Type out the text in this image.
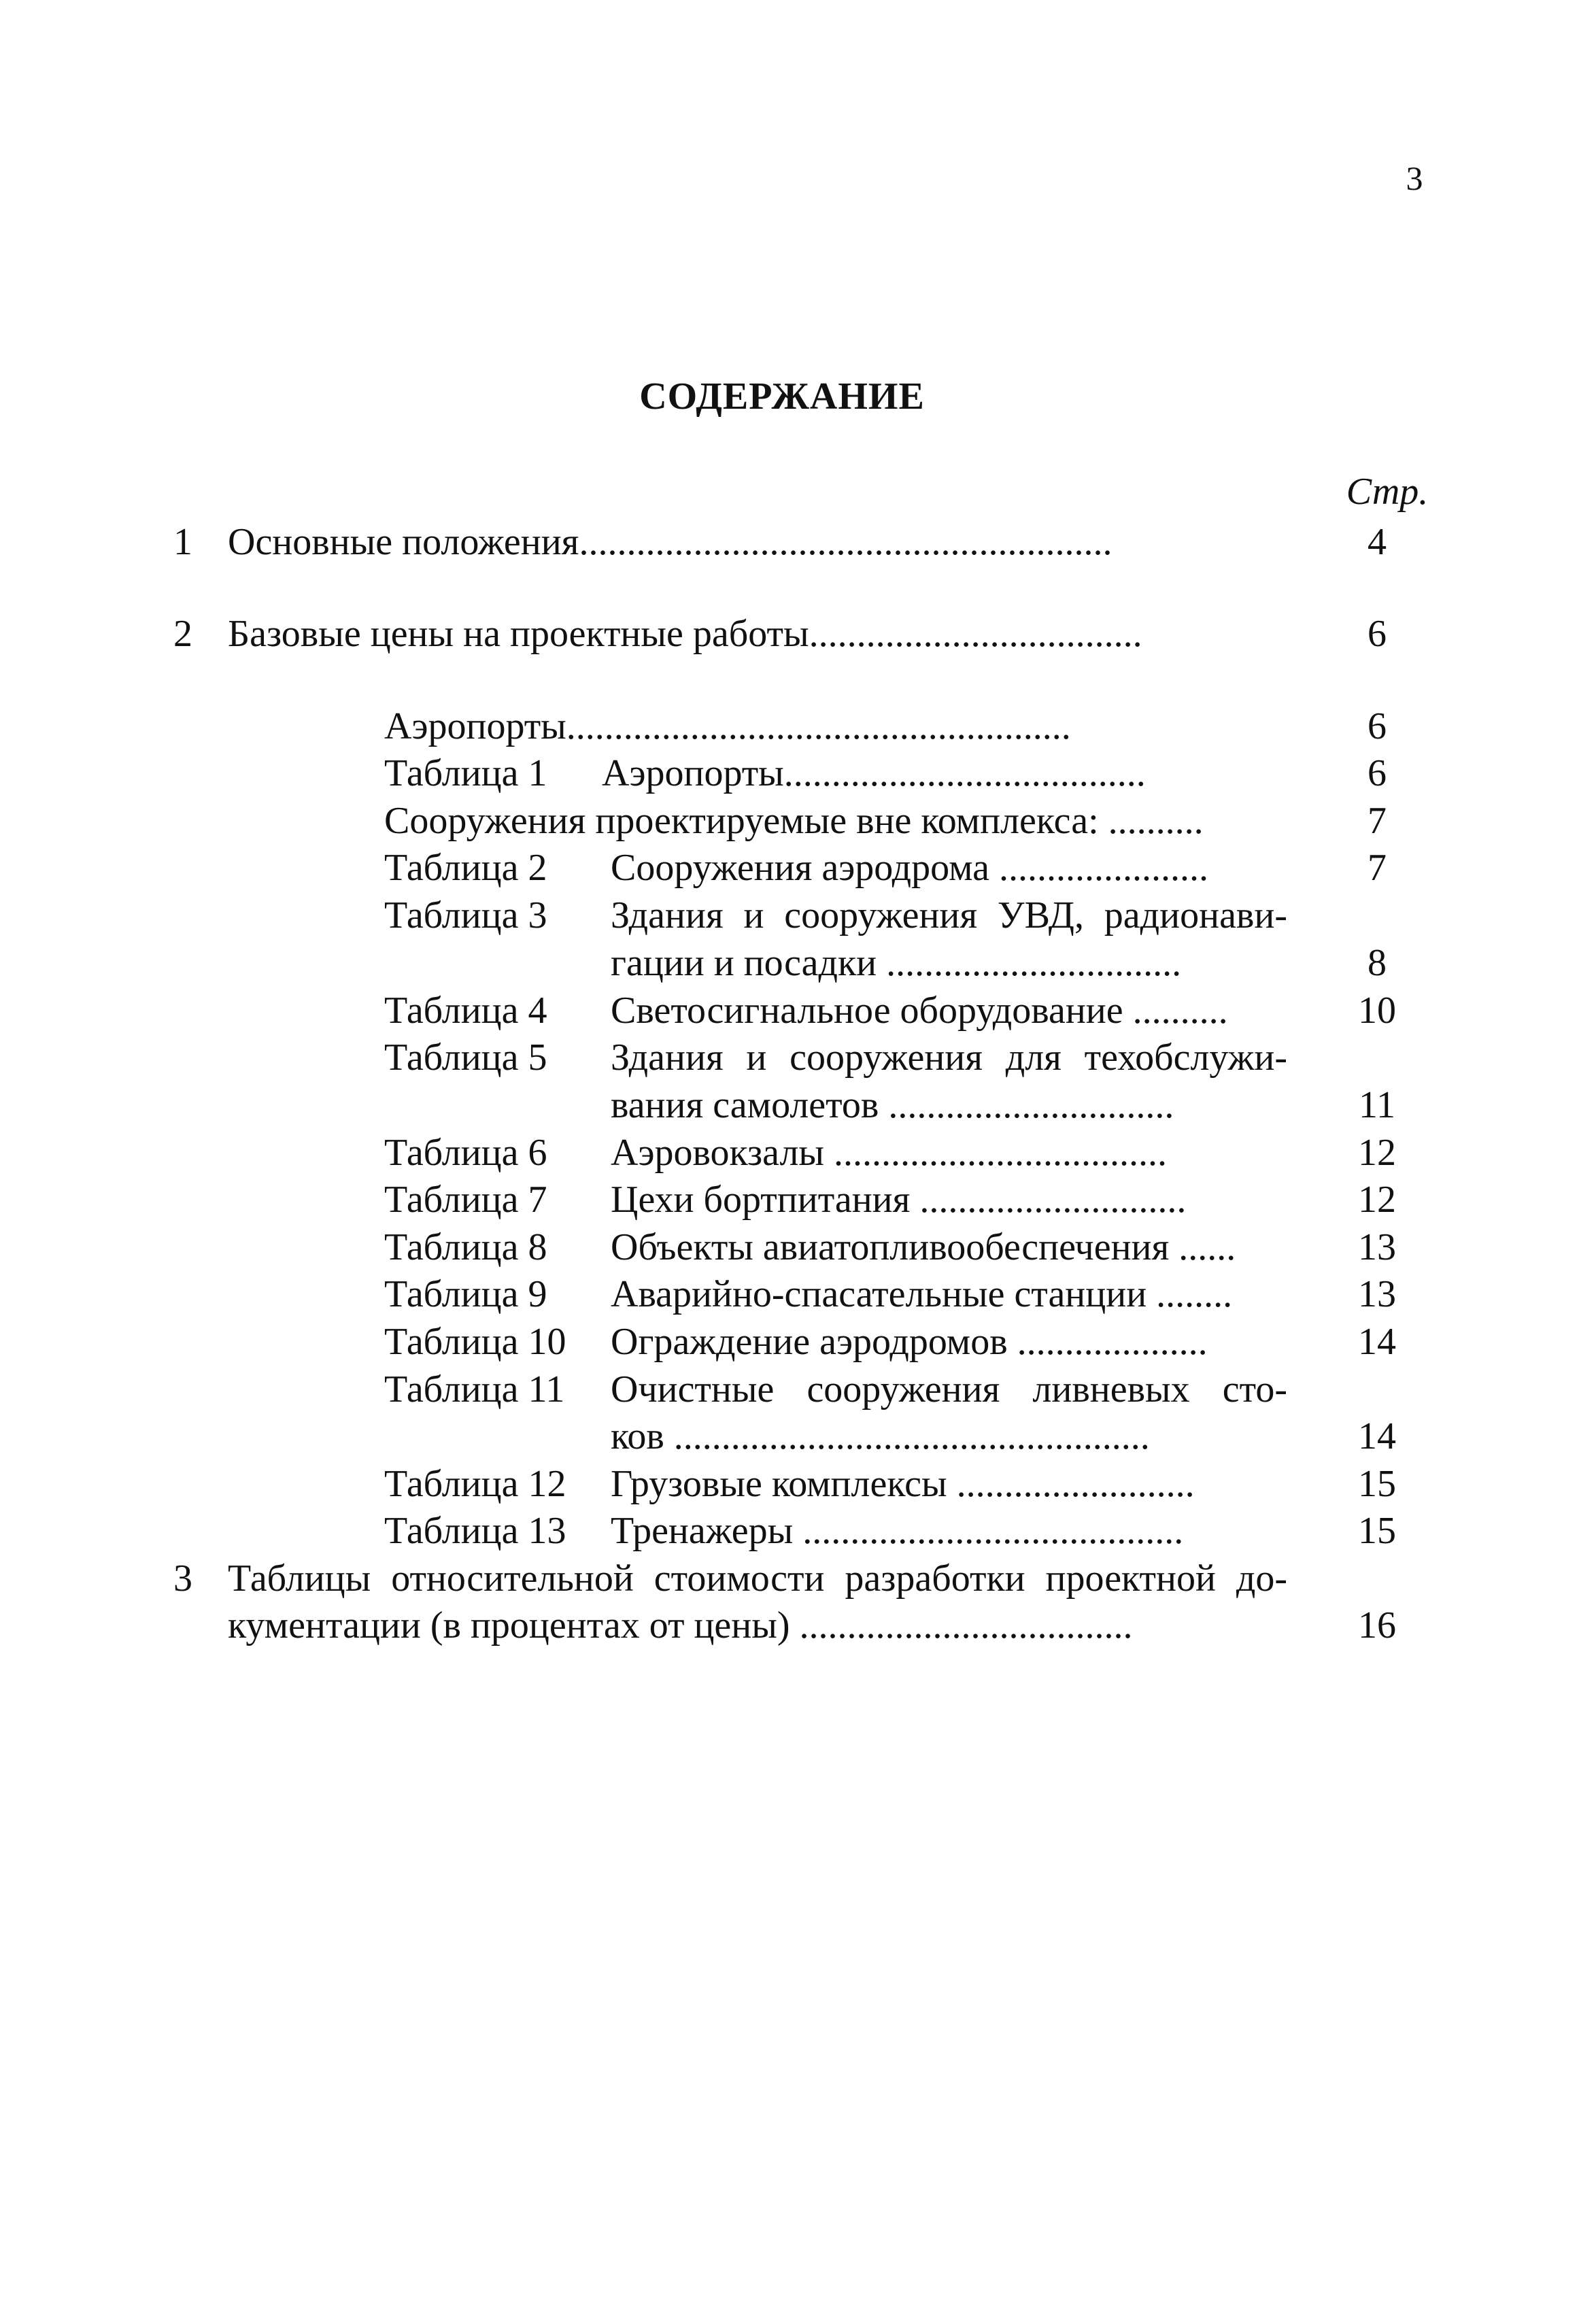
3
СОДЕРЖАНИЕ
Стр.
1 Основные положения........................................................	4
2 Базовые цены на проектные работы...................................	6
Аэропорты.....................................................	6
Таблица 1 Аэропорты......................................	6
Сооружения проектируемые вне комплекса: ..........	7
Таблица 2 Сооружения аэродрома ......................	7
Таблица 3 Здания и сооружения УВД, радионави-
гации и посадки ...............................	8
Таблица 4 Светосигнальное оборудование ..........	10
Таблица 5 Здания и сооружения для техобслужи-
вания самолетов ..............................	11
Таблица 6 Аэровокзалы ...................................	12
Таблица 7 Цехи бортпитания ............................	12
Таблица 8 Объекты авиатопливообеспечения ......	13
Таблица 9 Аварийно-спасательные станции ........	13
Таблица 10 Ограждение аэродромов ....................	14
Таблица 11 Очистные сооружения ливневых сто-
ков ..................................................	14
Таблица 12 Грузовые комплексы .........................	15
Таблица 13 Тренажеры ........................................	15
3 Таблицы относительной стоимости разработки проектной до-
кументации (в процентах от цены) ...................................	16
